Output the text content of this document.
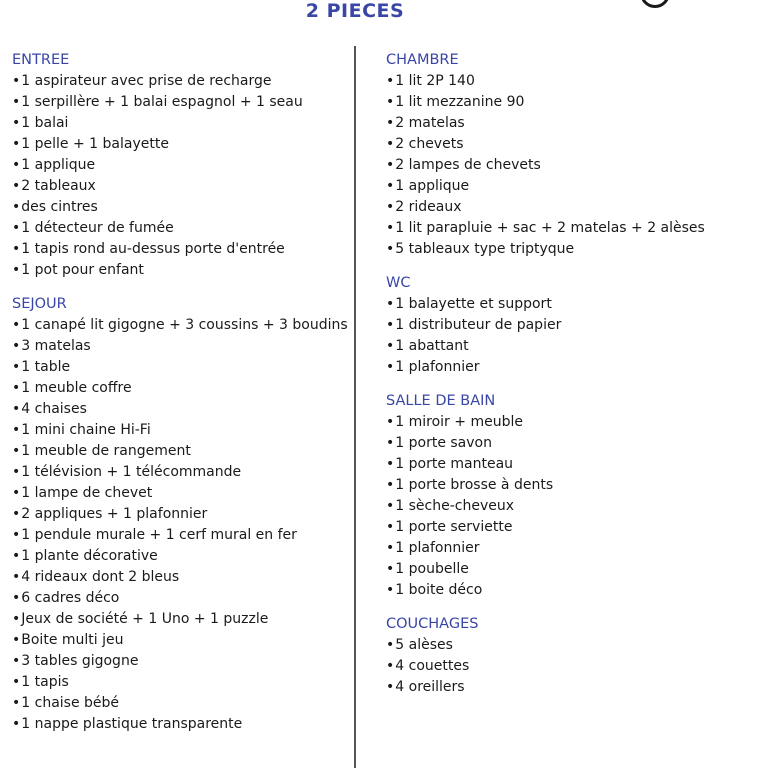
2 PIECES
ENTREE
• 1 aspirateur avec prise de recharge
• 1 serpillère + 1 balai espagnol + 1 seau
• 1 balai
• 1 pelle + 1 balayette
• 1 applique
• 2 tableaux
• des cintres
• 1 détecteur de fumée
• 1 tapis rond au-dessus porte d'entrée
• 1 pot pour enfant
SEJOUR
• 1 canapé lit gigogne + 3 coussins + 3 boudins
• 3 matelas
• 1 table
• 1 meuble coffre
• 4 chaises
• 1 mini chaine Hi-Fi
• 1 meuble de rangement
• 1 télévision + 1 télécommande
• 1 lampe de chevet
• 2 appliques + 1 plafonnier
• 1 pendule murale + 1 cerf mural en fer
• 1 plante décorative
• 4 rideaux dont 2 bleus
• 6 cadres déco
• Jeux de société + 1 Uno + 1 puzzle
• Boite multi jeu
• 3 tables gigogne
• 1 tapis
• 1 chaise bébé
• 1 nappe plastique transparente
CHAMBRE
• 1 lit 2P 140
• 1 lit mezzanine 90
• 2 matelas
• 2 chevets
• 2 lampes de chevets
• 1 applique
• 2 rideaux
• 1 lit parapluie + sac + 2 matelas + 2 alèses
• 5 tableaux type triptyque
WC
• 1 balayette et support
• 1 distributeur de papier
• 1 abattant
• 1 plafonnier
SALLE DE BAIN
• 1 miroir + meuble
• 1 porte savon
• 1 porte manteau
• 1 porte brosse à dents
• 1 sèche-cheveux
• 1 porte serviette
• 1 plafonnier
• 1 poubelle
• 1 boite déco
COUCHAGES
• 5 alèses
• 4 couettes
• 4 oreillers
